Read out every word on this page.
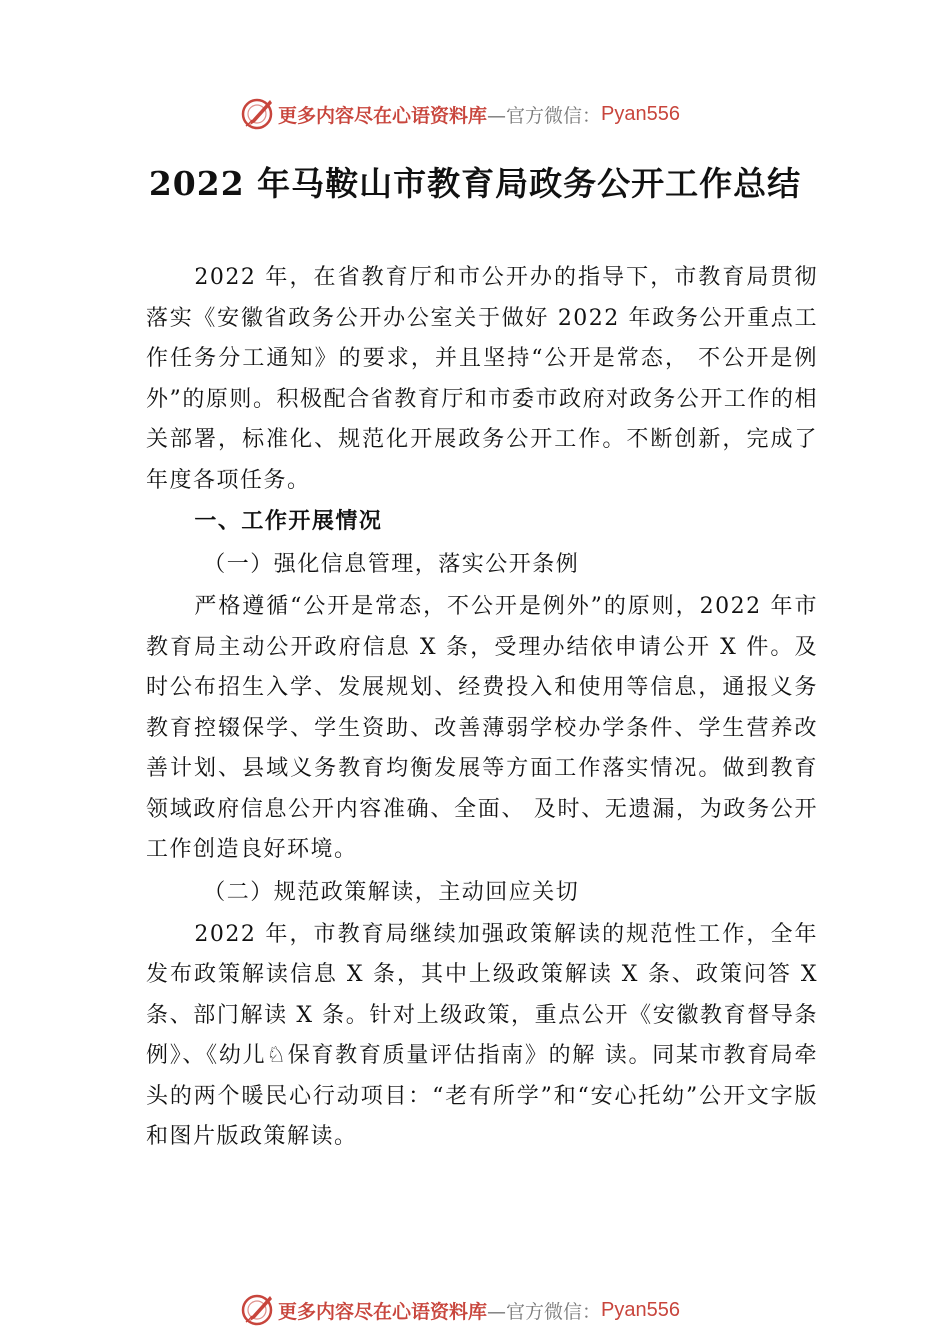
更多内容尽在心语资料库 —官方微信： Pyan556
2022 年马鞍山市教育局政务公开工作总结

2022 年，在省教育厅和市公开办的指导下，市教育局贯彻落实《安徽省政务公开办公室关于做好 2022 年政务公开重点工作任务分工通知》的要求，并且坚持“公开是常态， 不公开是例外”的原则。积极配合省教育厅和市委市政府对政务公开工作的相关部署，标准化、规范化开展政务公开工作。不断创新，完成了年度各项任务。

一、工作开展情况

（一）强化信息管理，落实公开条例

严格遵循“公开是常态，不公开是例外”的原则，2022 年市教育局主动公开政府信息 X 条，受理办结依申请公开 X 件。及时公布招生入学、发展规划、经费投入和使用等信息，通报义务教育控辍保学、学生资助、改善薄弱学校办学条件、学生营养改善计划、县域义务教育均衡发展等方面工作落实情况。做到教育领域政府信息公开内容准确、全面、 及时、无遗漏，为政务公开工作创造良好环境。

（二）规范政策解读，主动回应关切

2022 年，市教育局继续加强政策解读的规范性工作，全年发布政策解读信息 X 条，其中上级政策解读 X 条、政策问答 X 条、部门解读 X 条。针对上级政策，重点公开《安徽教育督导条例》、《幼儿♘保育教育质量评估指南》的解 读。同某市教育局牵头的两个暖民心行动项目：“老有所学”和“安心托幼”公开文字版和图片版政策解读。

更多内容尽在心语资料库 —官方微信： Pyan556
